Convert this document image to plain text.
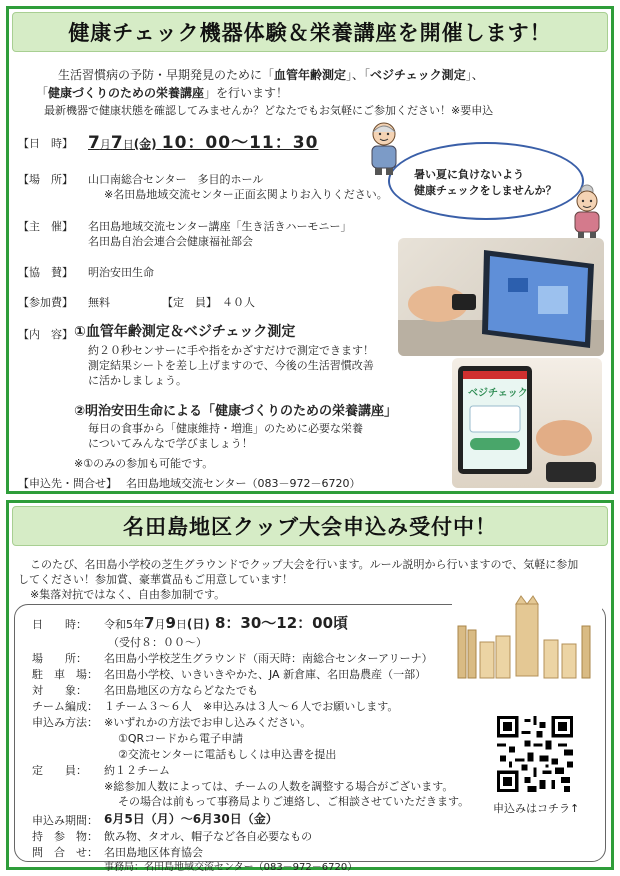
健康チェック機器体験＆栄養講座を開催します！
生活習慣病の予防・早期発見のために「血管年齢測定」、「ベジチェック測定」、
「健康づくりのための栄養講座」を行います！
最新機器で健康状態を確認してみませんか？どなたでもお気軽にご参加ください！※要申込
【日　時】 7月7日(金) 10：00～11：30
【場　所】 山口南総合センター　多目的ホール
※名田島地域交流センター正面玄関よりお入りください。
【主　催】 名田島地域交流センター講座「生き活きハーモニー」
名田島自治会連合会健康福祉部会
【協　賛】 明治安田生命
【参加費】 無料	【定　員】 ４０人
【内　容】 ①血管年齢測定＆ベジチェック測定
約２０秒センサーに手や指をかざすだけで測定できます！
測定結果シートを差し上げますので、今後の生活習慣改善
に活かしましょう。
②明治安田生命による「健康づくりのための栄養講座」
毎日の食事から「健康維持・増進」のために必要な栄養
についてみんなで学びましょう！
※①のみの参加も可能です。
【申込先・問合せ】 名田島地域交流センター（083－972－6720）
暑い夏に負けないよう
健康チェックをしませんか？
ベジチェック
名田島地区クッブ大会申込み受付中！
このたび、名田島小学校の芝生グラウンドでクップ大会を行います。ルール説明から行いますので、気軽に参加
してください！参加賞、豪華賞品もご用意しています！
※集落対抗ではなく、自由参加制です。
日　　時： 令和5年7月9日(日) 8：30～12：00頃
（受付８：００～）
場　　所： 名田島小学校芝生グラウンド（雨天時：南総合センターアリーナ）
駐　車　場： 名田島小学校、いきいきやかた、JA 新倉庫、名田島農産（一部）
対　　象： 名田島地区の方ならどなたでも
チーム編成： １チーム３～６人　※申込みは３人～６人でお願いします。
申込み方法： ※いずれかの方法でお申し込みください。
①QRコードから電子申請
②交流センターに電話もしくは申込書を提出
定　　員： 約１２チーム
※総参加人数によっては、チームの人数を調整する場合がございます。
その場合は前もって事務局よりご連絡し、ご相談させていただきます。
申込み期間： 6月5日（月）～6月30日（金）
持　参　物： 飲み物、タオル、帽子など各自必要なもの
問　合　せ： 名田島地区体育協会
事務局：名田島地域交流センター（083－972－6720）
申込みはコチラ↑
